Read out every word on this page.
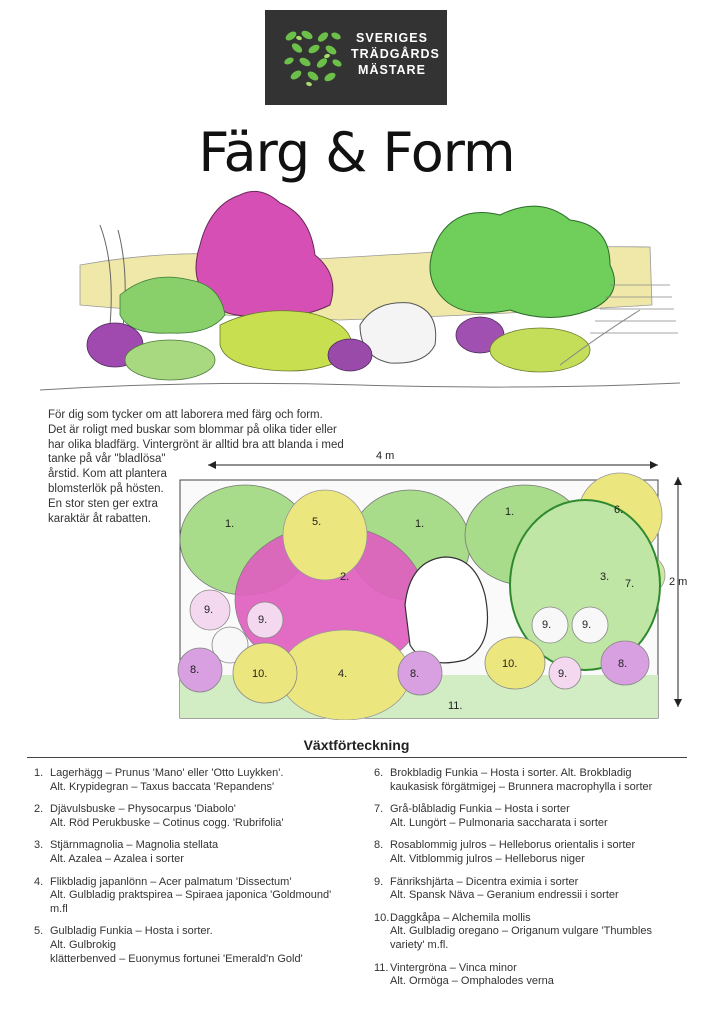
SVERIGES
TRÄDGÅRDS
MÄSTARE
Färg & Form

För dig som tycker om att laborera med färg och form.

Det är roligt med buskar som blommar på olika tider eller

har olika bladfärg. Vintergrönt är alltid bra att blanda i med

tanke på vår "bladlösa"

årstid. Kom att plantera

blomsterlök på hösten.

En stor sten ger extra

karaktär åt rabatten.

4 m
2 m
1.	5.	1.
1.	6.
2.	3.
7.
9.
9.	9.	9.
8.	10.	4.	8.
10.	8.
9.
11.
Växtförteckning
1. Lagerhägg – Prunus 'Mano' eller 'Otto Luykken'.
Alt. Krypidegran – Taxus baccata 'Repandens'
2. Djävulsbuske – Physocarpus 'Diabolo'
Alt. Röd Perukbuske – Cotinus cogg. 'Rubrifolia'
3. Stjärnmagnolia – Magnolia stellata
Alt. Azalea – Azalea i sorter
4. Flikbladig japanlönn – Acer palmatum 'Dissectum'
Alt. Gulbladig praktspirea – Spiraea japonica 'Goldmound'
m.fl
5. Gulbladig Funkia – Hosta i sorter.
Alt. Gulbrokig
klätterbenved – Euonymus fortunei 'Emerald'n Gold'
6. Brokbladig Funkia – Hosta i sorter. Alt. Brokbladig
kaukasisk förgätmigej – Brunnera macrophylla i sorter
7. Grå-blåbladig Funkia – Hosta i sorter
Alt. Lungört – Pulmonaria saccharata i sorter
8. Rosablommig julros – Helleborus orientalis i sorter
Alt. Vitblommig julros – Helleborus niger
9. Fänrikshjärta – Dicentra eximia i sorter
Alt. Spansk Näva – Geranium endressii i sorter
10. Daggkåpa – Alchemila mollis
Alt. Gulbladig oregano – Origanum vulgare 'Thumbles
variety' m.fl.
11. Vintergröna – Vinca minor
Alt. Ormöga – Omphalodes verna
